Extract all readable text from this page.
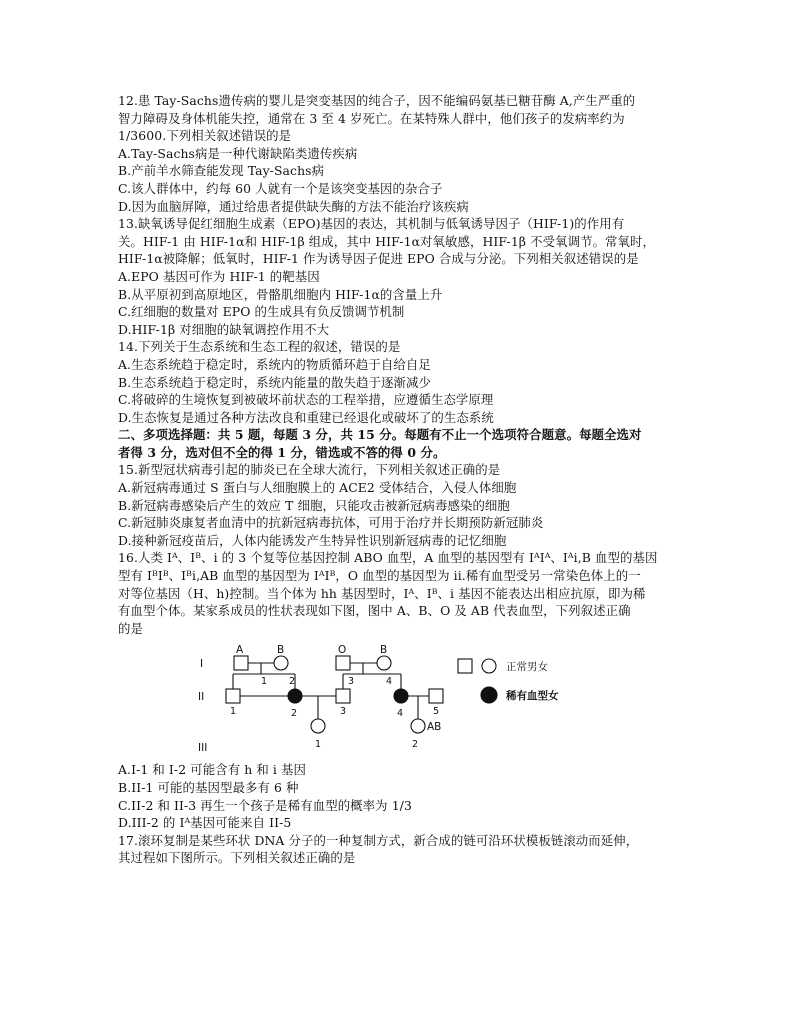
12.患 Tay-Sachs遗传病的婴儿是突变基因的纯合子，因不能编码氨基已糖苷酶 A,产生严重的
智力障碍及身体机能失控，通常在 3 至 4 岁死亡。在某特殊人群中，他们孩子的发病率约为
1/3600.下列相关叙述错误的是
A.Tay-Sachs病是一种代谢缺陷类遗传疾病
B.产前羊水筛查能发现 Tay-Sachs病
C.该人群体中，约每 60 人就有一个是该突变基因的杂合子
D.因为血脑屏障，通过给患者提供缺失酶的方法不能治疗该疾病
13.缺氧诱导促红细胞生成素（EPO)基因的表达，其机制与低氧诱导因子（HIF-1)的作用有
关。HIF-1 由 HIF-1α和 HIF-1β 组成，其中 HIF-1α对氧敏感，HIF-1β 不受氧调节。常氧时，
HIF-1α被降解；低氧时，HIF-1 作为诱导因子促进 EPO 合成与分泌。下列相关叙述错误的是
A.EPO 基因可作为 HIF-1 的靶基因
B.从平原初到高原地区，骨骼肌细胞内 HIF-1α的含量上升
C.红细胞的数量对 EPO 的生成具有负反馈调节机制
D.HIF-1β 对细胞的缺氧调控作用不大
14.下列关于生态系统和生态工程的叙述，错误的是
A.生态系统趋于稳定时，系统内的物质循环趋于自给自足
B.生态系统趋于稳定时，系统内能量的散失趋于逐渐减少
C.将破碎的生境恢复到被破坏前状态的工程举措，应遵循生态学原理
D.生态恢复是通过各种方法改良和重建已经退化或破坏了的生态系统
二、多项选择题：共 5 题，每题 3 分，共 15 分。每题有不止一个选项符合题意。每题全选对
者得 3 分，选对但不全的得 1 分，错选或不答的得 0 分。
15.新型冠状病毒引起的肺炎已在全球大流行，下列相关叙述正确的是
A.新冠病毒通过 S 蛋白与人细胞膜上的 ACE2 受体结合，入侵人体细胞
B.新冠病毒感染后产生的效应 T 细胞，只能攻击被新冠病毒感染的细胞
C.新冠肺炎康复者血清中的抗新冠病毒抗体，可用于治疗并长期预防新冠肺炎
D.接种新冠疫苗后，人体内能诱发产生特异性识别新冠病毒的记忆细胞
16.人类 Iᴬ、Iᴮ、i 的 3 个复等位基因控制 ABO 血型，A 血型的基因型有 IᴬIᴬ、Iᴬi,B 血型的基因
型有 IᴮIᴮ、Iᴮi,AB 血型的基因型为 IᴬIᴮ，O 血型的基因型为 ii.稀有血型受另一常染色体上的一
对等位基因（H、h)控制。当个体为 hh 基因型时，Iᴬ、Iᴮ、i 基因不能表达出相应抗原，即为稀
有血型个体。某家系成员的性状表现如下图，图中 A、B、O 及 AB 代表血型，下列叙述正确
的是
I
II
III
A	B	O	B
1 2	3	4
1	2	3	4	5
1	2
AB
正常男女
稀有血型女
A.I-1 和 I-2 可能含有 h 和 i 基因
B.II-1 可能的基因型最多有 6 种
C.II-2 和 II-3 再生一个孩子是稀有血型的概率为 1/3
D.III-2 的 Iᴬ基因可能来自 II-5
17.滚环复制是某些环状 DNA 分子的一种复制方式，新合成的链可沿环状模板链滚动而延伸，
其过程如下图所示。下列相关叙述正确的是
